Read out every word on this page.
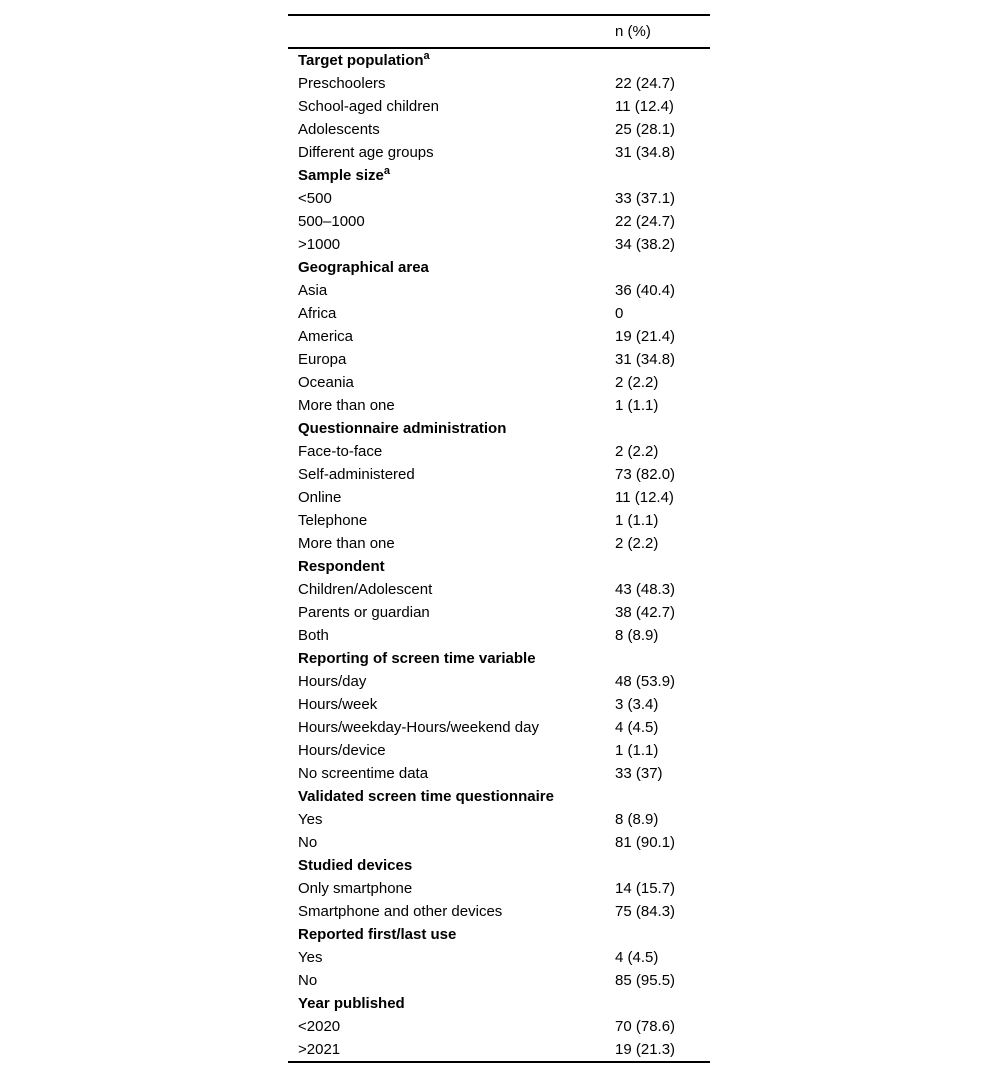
n (%)
Target population$^a$
Preschoolers	22 (24.7)
School-aged children	11 (12.4)
Adolescents	25 (28.1)
Different age groups	31 (34.8)
Sample size$^a$
<500	33 (37.1)
500–1000	22 (24.7)
>1000	34 (38.2)
Geographical area
Asia	36 (40.4)
Africa	0
America	19 (21.4)
Europa	31 (34.8)
Oceania	2 (2.2)
More than one	1 (1.1)
Questionnaire administration
Face-to-face	2 (2.2)
Self-administered	73 (82.0)
Online	11 (12.4)
Telephone	1 (1.1)
More than one	2 (2.2)
Respondent
Children/Adolescent	43 (48.3)
Parents or guardian	38 (42.7)
Both	8 (8.9)
Reporting of screen time variable
Hours/day	48 (53.9)
Hours/week	3 (3.4)
Hours/weekday-Hours/weekend day	4 (4.5)
Hours/device	1 (1.1)
No screentime data	33 (37)
Validated screen time questionnaire
Yes	8 (8.9)
No	81 (90.1)
Studied devices
Only smartphone	14 (15.7)
Smartphone and other devices	75 (84.3)
Reported first/last use
Yes	4 (4.5)
No	85 (95.5)
Year published
<2020	70 (78.6)
>2021	19 (21.3)
